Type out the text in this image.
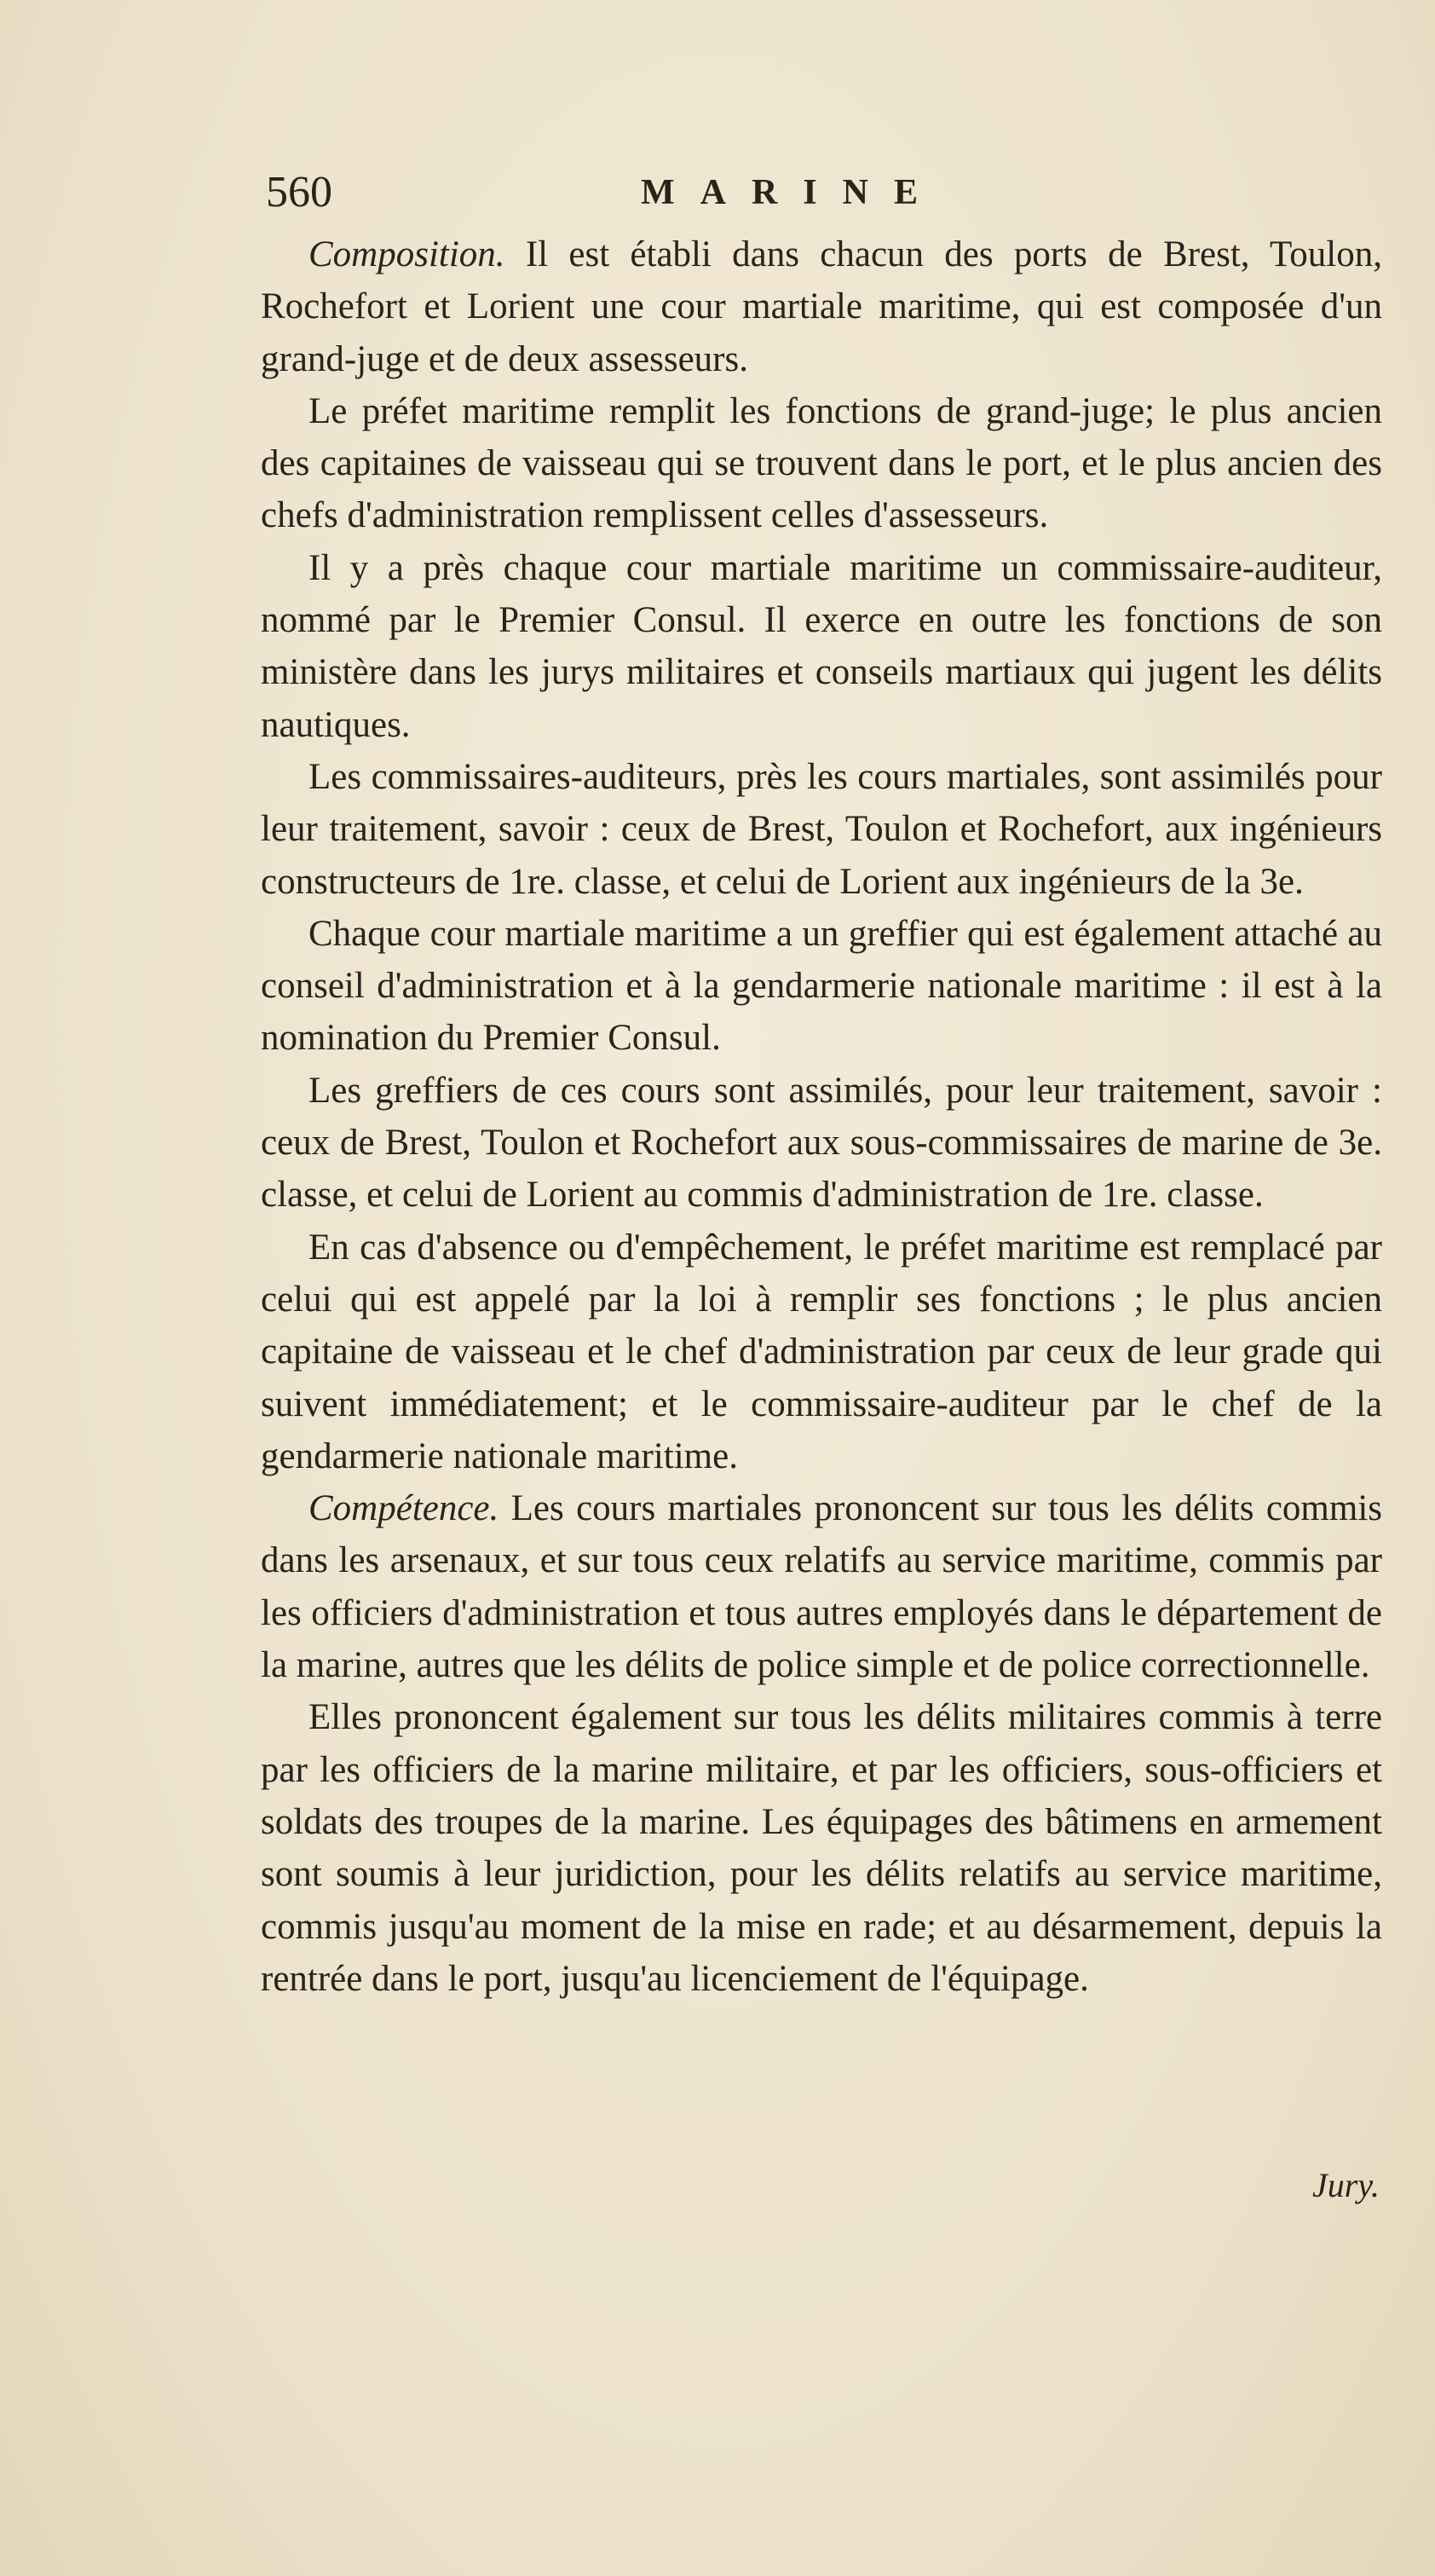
560	MARINE

Composition. Il est établi dans chacun des ports de Brest, Toulon, Rochefort et Lorient une cour martiale maritime, qui est composée d'un grand-juge et de deux assesseurs.

Le préfet maritime remplit les fonctions de grand-juge; le plus ancien des capitaines de vaisseau qui se trouvent dans le port, et le plus ancien des chefs d'administration remplissent celles d'assesseurs.

Il y a près chaque cour martiale maritime un commissaire-auditeur, nommé par le Premier Consul. Il exerce en outre les fonctions de son ministère dans les jurys militaires et conseils martiaux qui jugent les délits nautiques.

Les commissaires-auditeurs, près les cours martiales, sont assimilés pour leur traitement, savoir : ceux de Brest, Toulon et Rochefort, aux ingénieurs constructeurs de 1re. classe, et celui de Lorient aux ingénieurs de la 3e.

Chaque cour martiale maritime a un greffier qui est également attaché au conseil d'administration et à la gendarmerie nationale maritime : il est à la nomination du Premier Consul.

Les greffiers de ces cours sont assimilés, pour leur traitement, savoir : ceux de Brest, Toulon et Rochefort aux sous-commissaires de marine de 3e. classe, et celui de Lorient au commis d'administration de 1re. classe.

En cas d'absence ou d'empêchement, le préfet maritime est remplacé par celui qui est appelé par la loi à remplir ses fonctions ; le plus ancien capitaine de vaisseau et le chef d'administration par ceux de leur grade qui suivent immédiatement; et le commissaire-auditeur par le chef de la gendarmerie nationale maritime.

Compétence. Les cours martiales prononcent sur tous les délits commis dans les arsenaux, et sur tous ceux relatifs au service maritime, commis par les officiers d'administration et tous autres employés dans le département de la marine, autres que les délits de police simple et de police correctionnelle.

Elles prononcent également sur tous les délits militaires commis à terre par les officiers de la marine militaire, et par les officiers, sous-officiers et soldats des troupes de la marine. Les équipages des bâtimens en armement sont soumis à leur juridiction, pour les délits relatifs au service maritime, commis jusqu'au moment de la mise en rade; et au désarmement, depuis la rentrée dans le port, jusqu'au licenciement de l'équipage.

Jury.
